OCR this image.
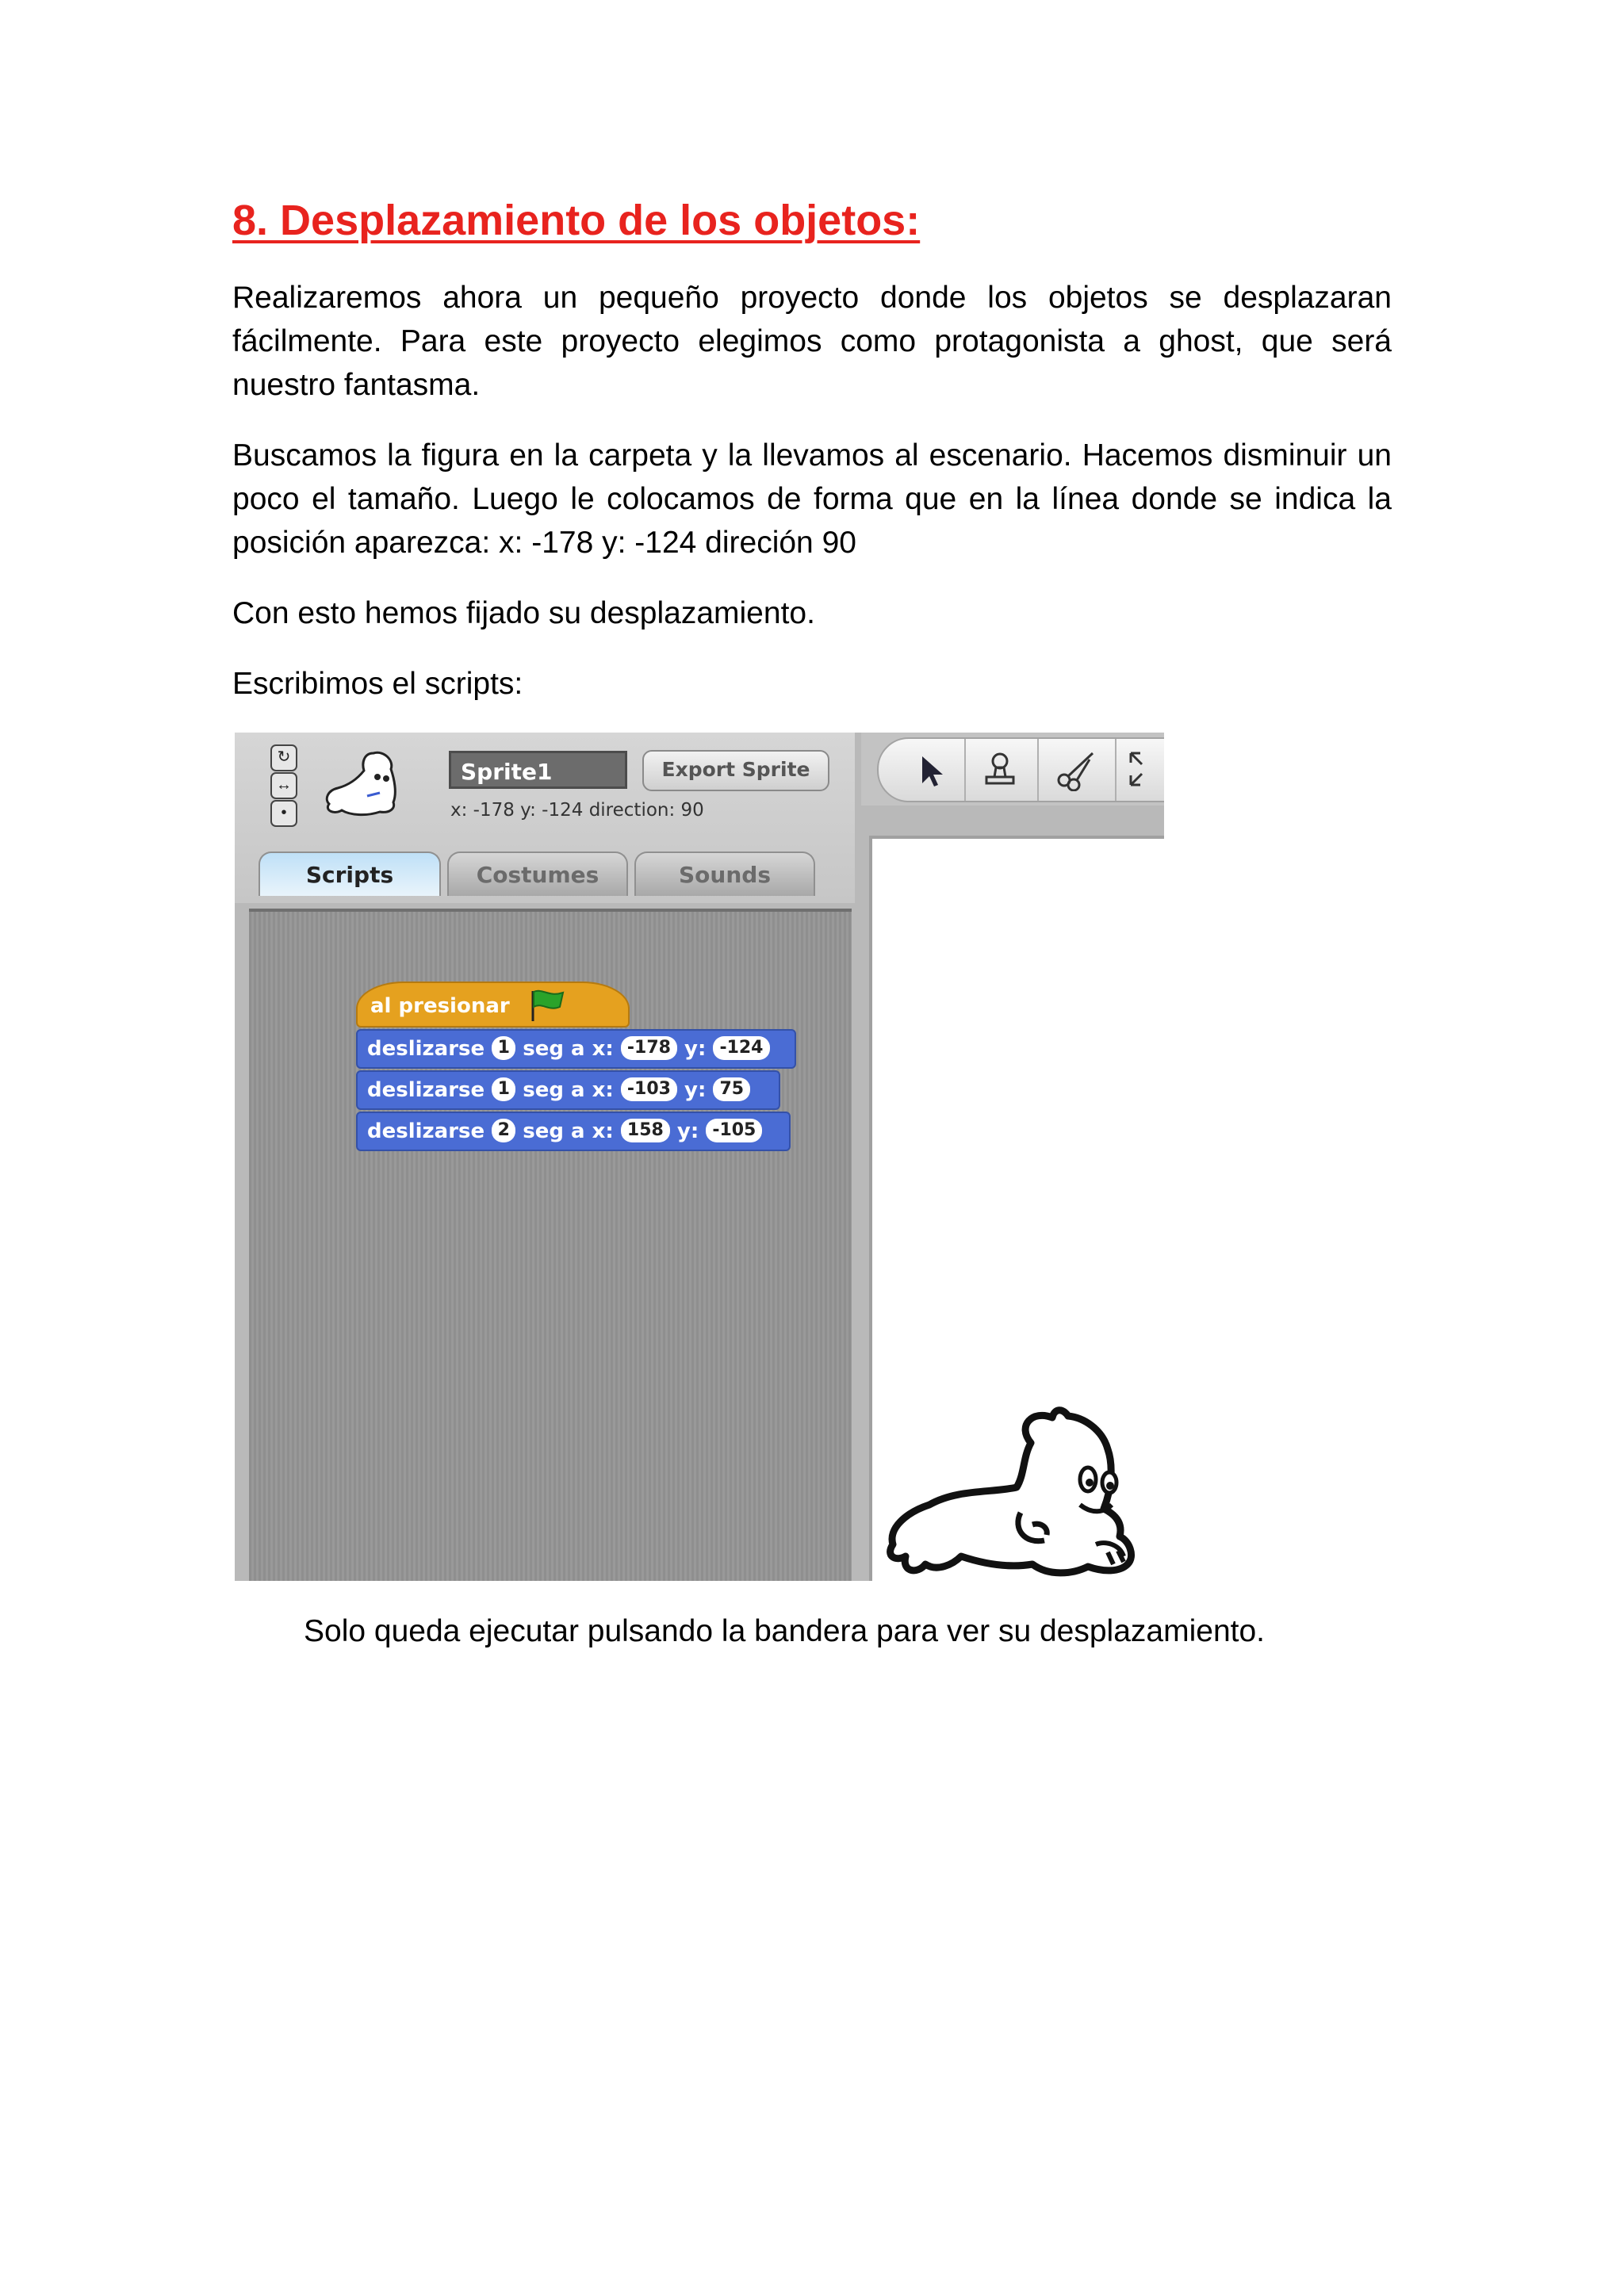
8. Desplazamiento de los objetos:

Realizaremos ahora un pequeño proyecto donde los objetos se desplazaran fácilmente. Para este proyecto elegimos como protagonista a ghost, que será nuestro fantasma.

Buscamos la figura en la carpeta y la llevamos al escenario. Hacemos disminuir un poco el tamaño. Luego le colocamos de forma que en la línea donde se indica la posición aparezca: x: -178 y: -124 direción 90

Con esto hemos fijado su desplazamiento.

Escribimos el scripts:

↻
↔
•
Sprite1	Export Sprite
x: -178 y: -124 direction: 90
Scripts	Costumes	Sounds
al presionar
deslizarse 1 seg a x: -178 y: -124
deslizarse 1 seg a x: -103 y: 75
deslizarse 2 seg a x: 158 y: -105
Solo queda ejecutar pulsando la bandera para ver su desplazamiento.
